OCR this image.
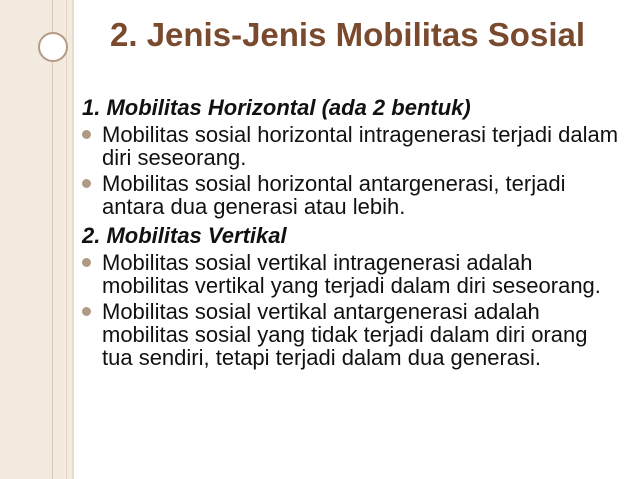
2. Jenis-Jenis Mobilitas Sosial
1. Mobilitas Horizontal (ada 2 bentuk)
Mobilitas sosial horizontal intragenerasi terjadi dalam diri seseorang.
Mobilitas sosial horizontal antargenerasi, terjadi antara dua generasi atau lebih.
2. Mobilitas Vertikal
Mobilitas sosial vertikal intragenerasi adalah mobilitas vertikal yang terjadi dalam diri seseorang.
Mobilitas sosial vertikal antargenerasi adalah mobilitas sosial yang tidak terjadi dalam diri orang tua sendiri, tetapi terjadi dalam dua generasi.
